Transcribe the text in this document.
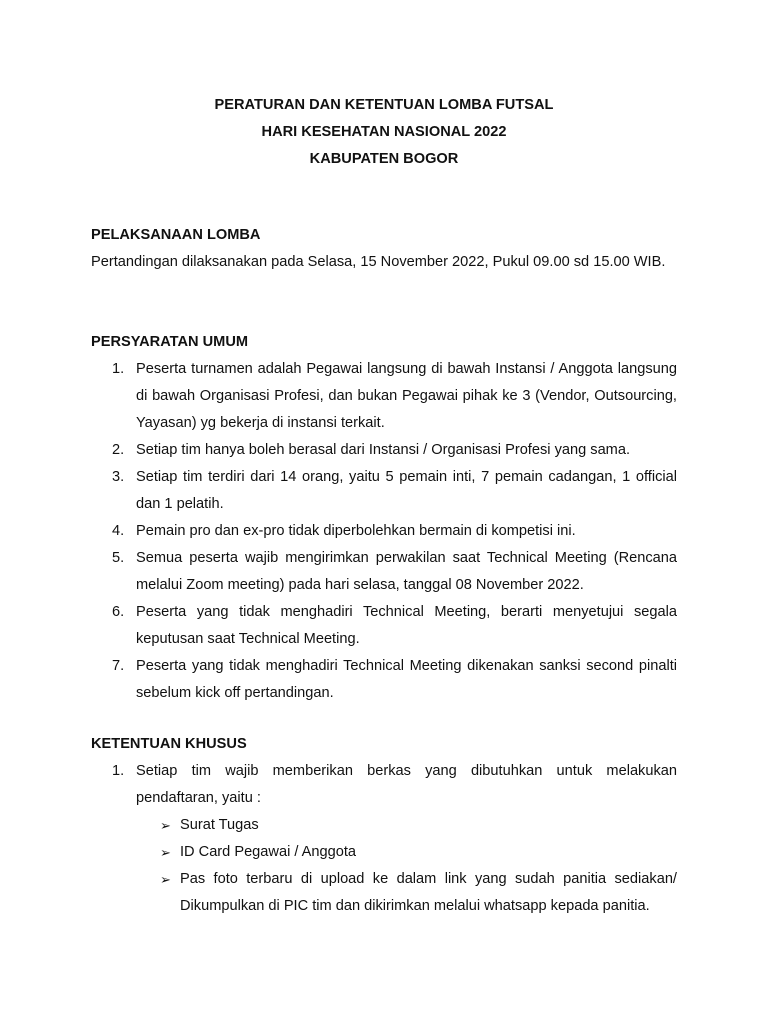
PERATURAN DAN KETENTUAN LOMBA FUTSAL
HARI KESEHATAN NASIONAL 2022
KABUPATEN BOGOR

PELAKSANAAN LOMBA

Pertandingan dilaksanakan pada Selasa, 15 November 2022, Pukul 09.00 sd 15.00 WIB.

PERSYARATAN UMUM

1. Peserta turnamen adalah Pegawai langsung di bawah Instansi / Anggota langsung di bawah Organisasi Profesi, dan bukan Pegawai pihak ke 3 (Vendor, Outsourcing, Yayasan) yg bekerja di instansi terkait.
2. Setiap tim hanya boleh berasal dari Instansi / Organisasi Profesi yang sama.
3. Setiap tim terdiri dari 14 orang, yaitu 5 pemain inti, 7 pemain cadangan, 1 official dan 1 pelatih.
4. Pemain pro dan ex-pro tidak diperbolehkan bermain di kompetisi ini.
5. Semua peserta wajib mengirimkan perwakilan saat Technical Meeting (Rencana melalui Zoom meeting) pada hari selasa, tanggal 08 November 2022.
6. Peserta yang tidak menghadiri Technical Meeting, berarti menyetujui segala keputusan saat Technical Meeting.
7. Peserta yang tidak menghadiri Technical Meeting dikenakan sanksi second pinalti sebelum kick off pertandingan.

KETENTUAN KHUSUS

1. Setiap tim wajib memberikan berkas yang dibutuhkan untuk melakukan pendaftaran, yaitu :
➢ Surat Tugas
➢ ID Card Pegawai / Anggota
➢ Pas foto terbaru di upload ke dalam link yang sudah panitia sediakan/ Dikumpulkan di PIC tim dan dikirimkan melalui whatsapp kepada panitia.
